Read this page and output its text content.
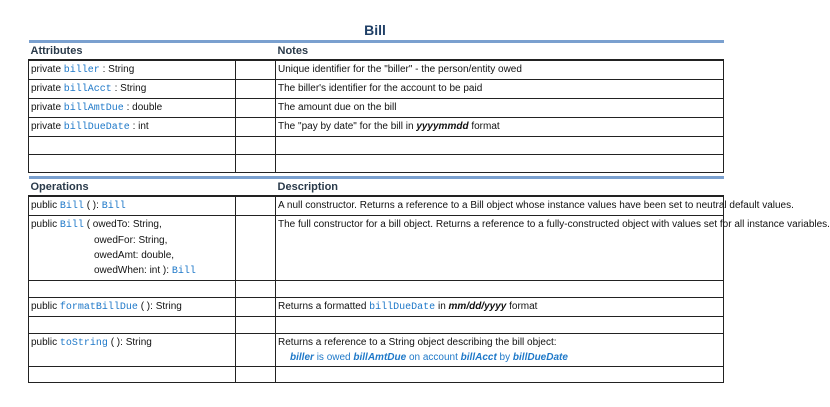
Bill
Attributes		Notes
private biller : String		Unique identifier for the "biller" - the person/entity owed
private billAcct : String		The biller's identifier for the account to be paid
private billAmtDue : double		The amount due on the bill
private billDueDate : int		The "pay by date" for the bill in yyyymmdd format

Operations		Description
public Bill ( ): Bill		A null constructor. Returns a reference to a Bill object whose instance values have been set to neutral default values.

public Bill ( owedTo: String,
owedFor: String,
owedAmt: double,
owedWhen: int ): Bill		The full constructor for a bill object. Returns a reference to a fully-constructed object with values set for all instance variables.

public formatBillDue ( ): String		Returns a formatted billDueDate in mm/dd/yyyy format

public toString ( ): String		Returns a reference to a String object describing the bill object:
biller is owed billAmtDue on account billAcct by billDueDate
